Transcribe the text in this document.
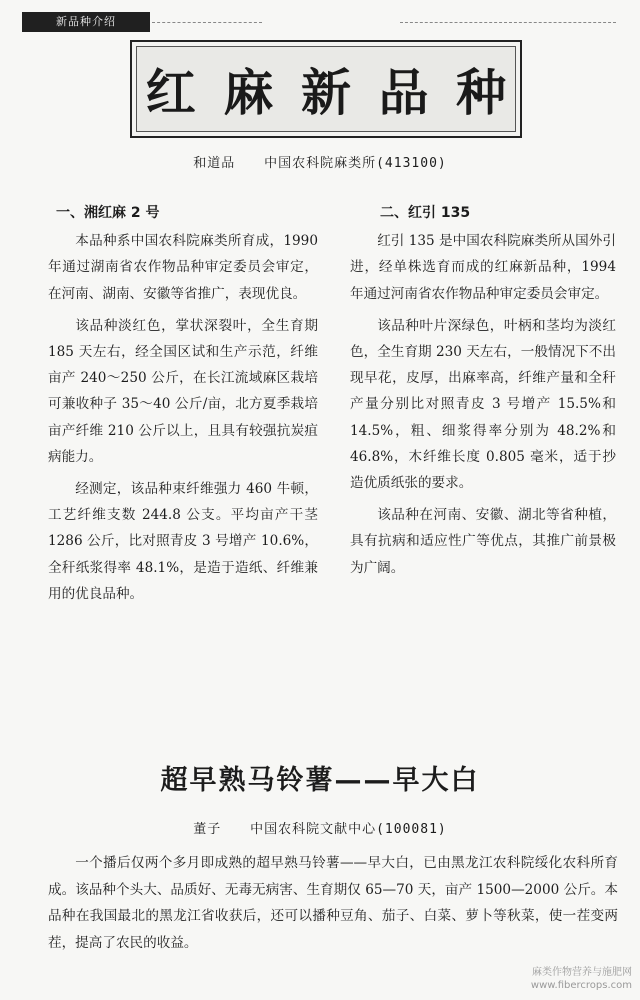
新品种介绍
红 麻 新 品 种
和道品 中国农科院麻类所(413100)
一、湘红麻 2 号

本品种系中国农科院麻类所育成，1990 年通过湖南省农作物品种审定委员会审定，在河南、湖南、安徽等省推广，表现优良。

该品种淡红色，掌状深裂叶，全生育期 185 天左右，经全国区试和生产示范，纤维亩产 240～250 公斤，在长江流域麻区栽培可兼收种子 35～40 公斤/亩，北方夏季栽培亩产纤维 210 公斤以上，且具有较强抗炭疽病能力。

经测定，该品种束纤维强力 460 牛顿，工艺纤维支数 244.8 公支。平均亩产干茎 1286 公斤，比对照青皮 3 号增产 10.6%，全秆纸浆得率 48.1%，是造于造纸、纤维兼用的优良品种。

二、红引 135

红引 135 是中国农科院麻类所从国外引进，经单株选育而成的红麻新品种，1994 年通过河南省农作物品种审定委员会审定。

该品种叶片深绿色，叶柄和茎均为淡红色，全生育期 230 天左右，一般情况下不出现早花，皮厚，出麻率高，纤维产量和全秆产量分别比对照青皮 3 号增产 15.5%和 14.5%，粗、细浆得率分别为 48.2%和 46.8%，木纤维长度 0.805 毫米，适于抄造优质纸张的要求。

该品种在河南、安徽、湖北等省种植，具有抗病和适应性广等优点，其推广前景极为广阔。

超早熟马铃薯——早大白
董子 中国农科院文献中心(100081)

一个播后仅两个多月即成熟的超早熟马铃薯——早大白，已由黑龙江农科院绥化农科所育成。该品种个头大、品质好、无毒无病害、生育期仅 65—70 天，亩产 1500—2000 公斤。本品种在我国最北的黑龙江省收获后，还可以播种豆角、茄子、白菜、萝卜等秋菜，使一茬变两茬，提高了农民的收益。

麻类作物营养与施肥网
www.fibercrops.com
